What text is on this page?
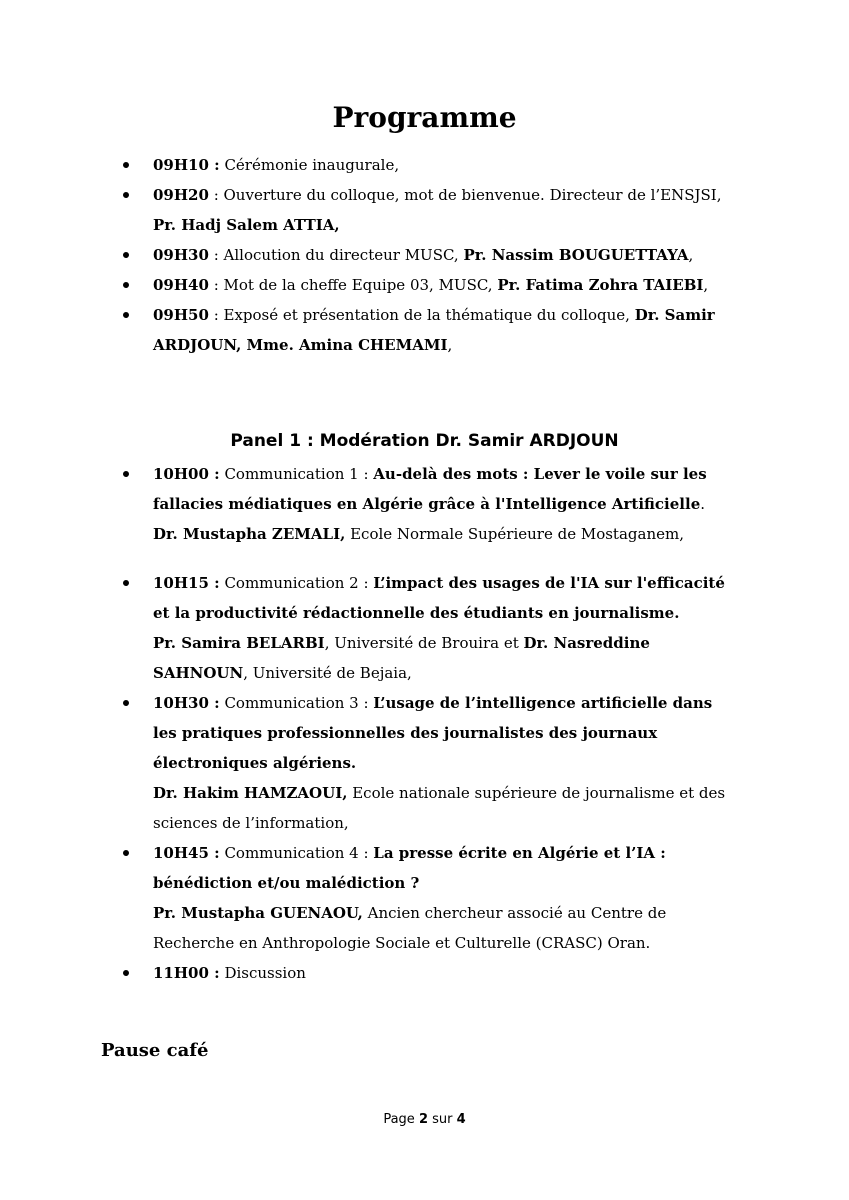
Programme
09H10 : Cérémonie inaugurale,
09H20 : Ouverture du colloque, mot de bienvenue. Directeur de l’ENSJSI, Pr. Hadj Salem ATTIA,
09H30 : Allocution du directeur MUSC, Pr. Nassim BOUGUETTAYA,
09H40 : Mot de la cheffe Equipe 03, MUSC, Pr. Fatima Zohra TAIEBI,
09H50 : Exposé et présentation de la thématique du colloque, Dr. Samir ARDJOUN, Mme. Amina CHEMAMI,
Panel 1 : Modération Dr. Samir ARDJOUN
10H00 : Communication 1 : Au-delà des mots : Lever le voile sur les fallacies médiatiques en Algérie grâce à l'Intelligence Artificielle.
Dr. Mustapha ZEMALI, Ecole Normale Supérieure de Mostaganem,
10H15 : Communication 2 : L’impact des usages de l'IA sur l'efficacité et la productivité rédactionnelle des étudiants en journalisme.
Pr. Samira BELARBI, Université de Brouira et Dr. Nasreddine SAHNOUN, Université de Bejaia,
10H30 : Communication 3 : L’usage de l’intelligence artificielle dans les pratiques professionnelles des journalistes des journaux électroniques algériens.
Dr. Hakim HAMZAOUI, Ecole nationale supérieure de journalisme et des sciences de l’information,
10H45 : Communication 4 : La presse écrite en Algérie et l’IA : bénédiction et/ou malédiction ?
Pr. Mustapha GUENAOU, Ancien chercheur associé au Centre de Recherche en Anthropologie Sociale et Culturelle (CRASC) Oran.
11H00 : Discussion
Pause café
Page 2 sur 4
